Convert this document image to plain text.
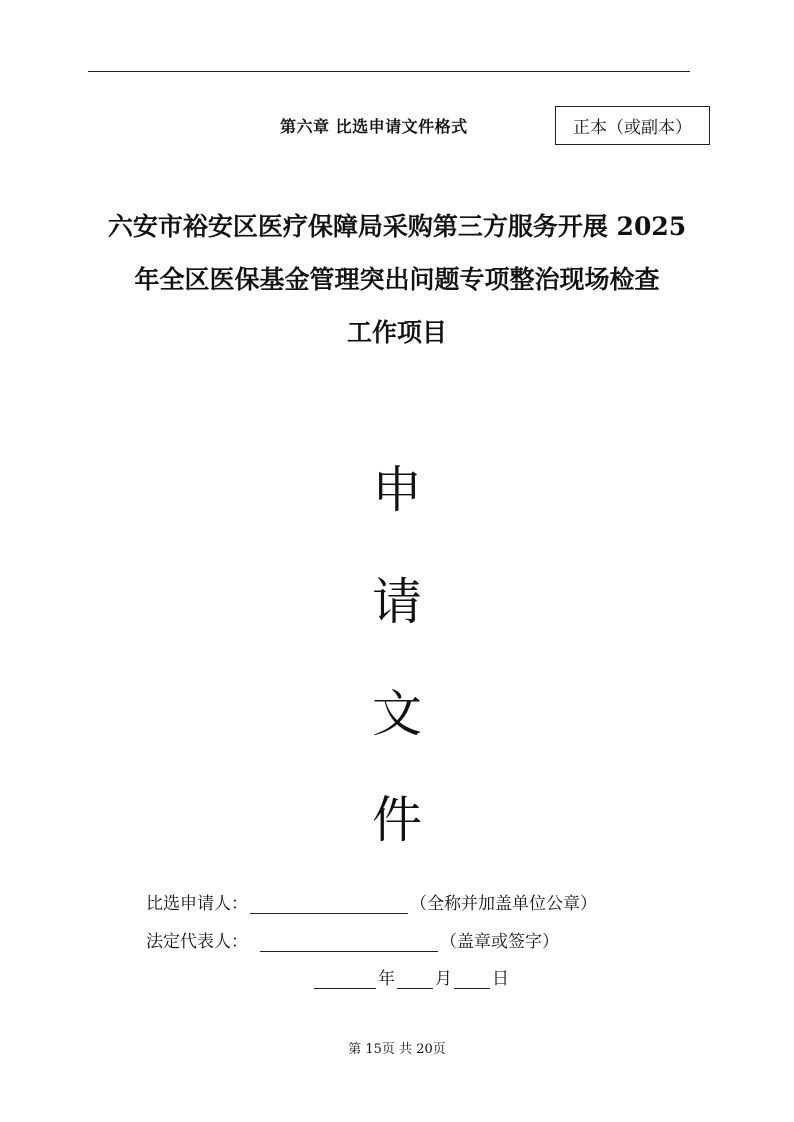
第六章 比选申请文件格式	正本（或副本）
六安市裕安区医疗保障局采购第三方服务开展 2025
年全区医保基金管理突出问题专项整治现场检查
工作项目
申
请
文
件
比选申请人：	（全称并加盖单位公章）
法定代表人：	（盖章或签字）
年 月 日
第 15页 共 20页
